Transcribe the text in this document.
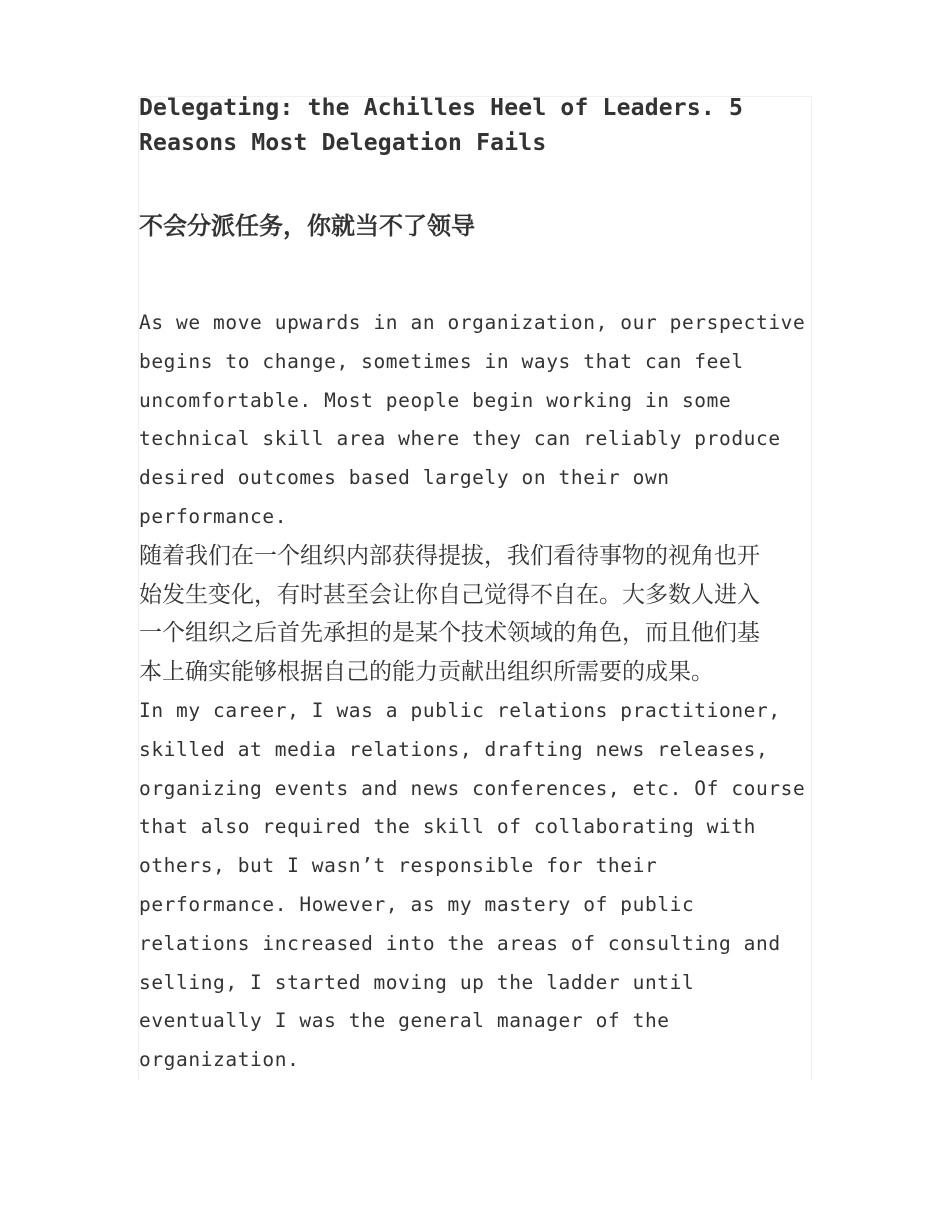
Delegating: the Achilles Heel of Leaders. 5
Reasons Most Delegation Fails
不会分派任务，你就当不了领导

As we move upwards in an organization, our perspective
begins to change, sometimes in ways that can feel
uncomfortable. Most people begin working in some
technical skill area where they can reliably produce
desired outcomes based largely on their own
performance.

随着我们在一个组织内部获得提拔，我们看待事物的视角也开
始发生变化，有时甚至会让你自己觉得不自在。大多数人进入
一个组织之后首先承担的是某个技术领域的角色，而且他们基
本上确实能够根据自己的能力贡献出组织所需要的成果。

In my career, I was a public relations practitioner,
skilled at media relations, drafting news releases,
organizing events and news conferences, etc. Of course
that also required the skill of collaborating with
others, but I wasn’t responsible for their
performance. However, as my mastery of public
relations increased into the areas of consulting and
selling, I started moving up the ladder until
eventually I was the general manager of the
organization.
